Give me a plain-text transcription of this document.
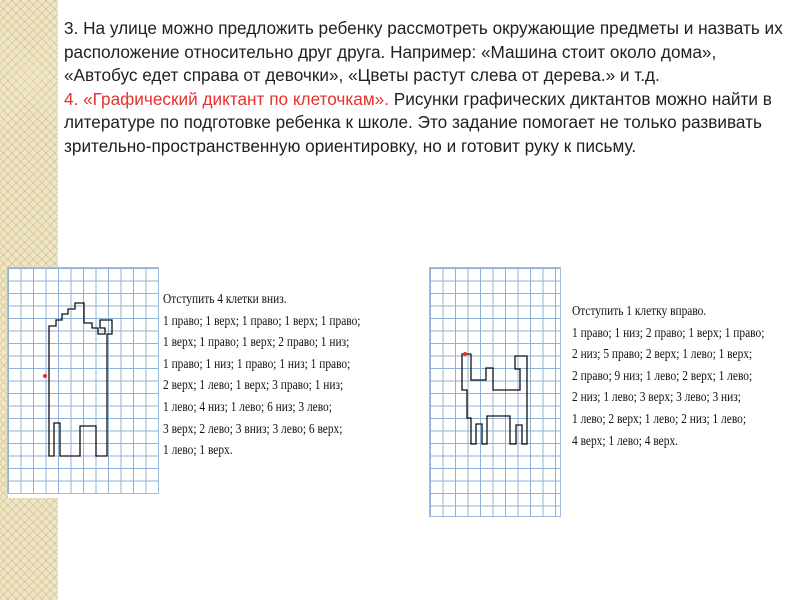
3. На улице можно предложить ребенку рассмотреть окружающие предметы и назвать их расположение относительно друг друга. Например: «Машина стоит около дома», «Автобус едет справа от девочки», «Цветы растут слева от дерева.» и т.д.

4. «Графический диктант по клеточкам». Рисунки графических диктантов можно найти в литературе по подготовке ребенка к школе. Это задание помогает не только развивать зрительно-пространственную ориентировку, но и готовит руку к письму.

Отступить 4 клетки вниз.
1 право; 1 верх; 1 право; 1 верх; 1 право;
1 верх; 1 право; 1 верх; 2 право; 1 низ;
1 право; 1 низ; 1 право; 1 низ; 1 право;
2 верх; 1 лево; 1 верх; 3 право; 1 низ;
1 лево; 4 низ; 1 лево; 6 низ; 3 лево;
3 верх; 2 лево; 3 вниз; 3 лево; 6 верх;
1 лево; 1 верх.
Отступить 1 клетку вправо.
1 право; 1 низ; 2 право; 1 верх; 1 право;
2 низ; 5 право; 2 верх; 1 лево; 1 верх;
2 право; 9 низ; 1 лево; 2 верх; 1 лево;
2 низ; 1 лево; 3 верх; 3 лево; 3 низ;
1 лево; 2 верх; 1 лево; 2 низ; 1 лево;
4 верх; 1 лево; 4 верх.
